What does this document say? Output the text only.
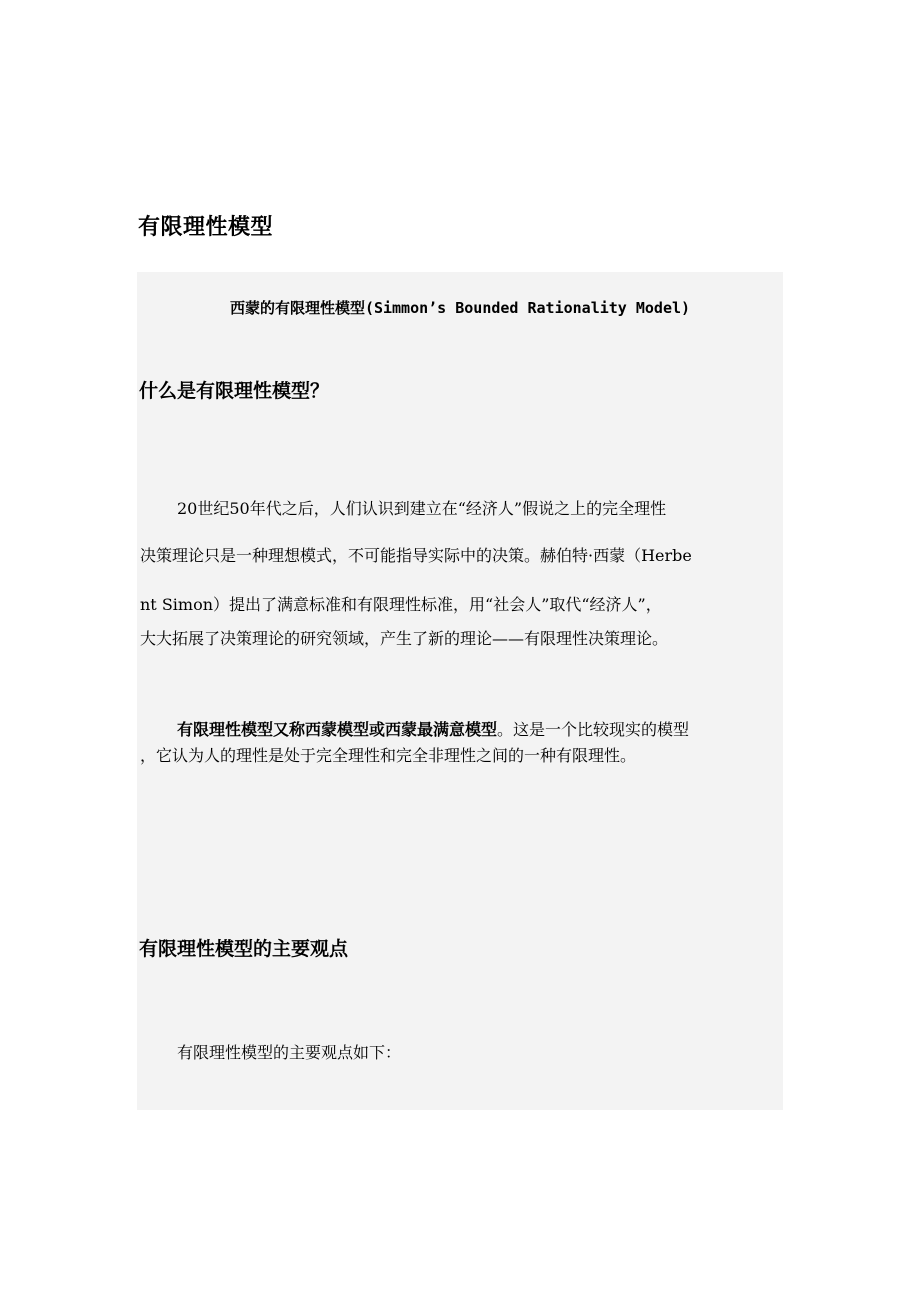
有限理性模型

西蒙的有限理性模型(Simmon’s Bounded Rationality Model)

什么是有限理性模型？

20世纪50年代之后，人们认识到建立在“经济人”假说之上的完全理性

决策理论只是一种理想模式，不可能指导实际中的决策。赫伯特·西蒙（Herbe

nt Simon）提出了满意标准和有限理性标准，用“社会人”取代“经济人”，

大大拓展了决策理论的研究领域，产生了新的理论——有限理性决策理论。

有限理性模型又称西蒙模型或西蒙最满意模型。这是一个比较现实的模型

，它认为人的理性是处于完全理性和完全非理性之间的一种有限理性。

有限理性模型的主要观点

有限理性模型的主要观点如下：
